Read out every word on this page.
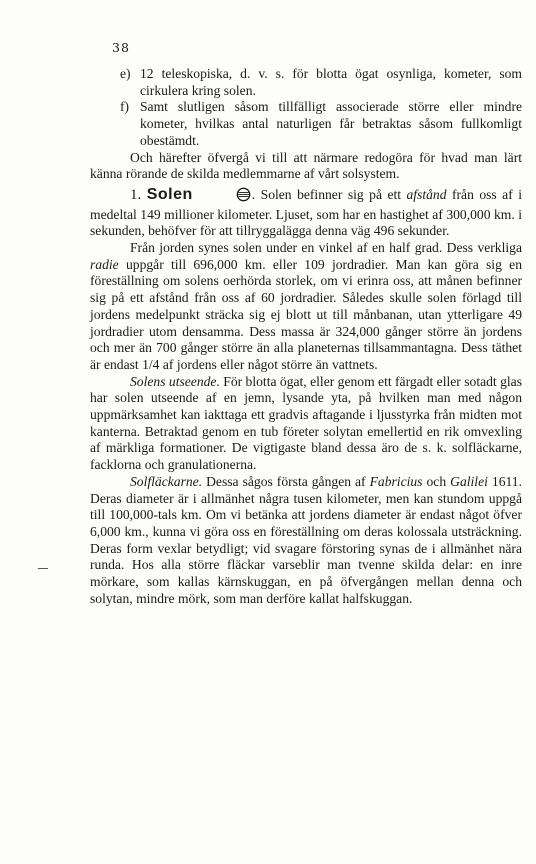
38
e) 12 teleskopiska, d. v. s. för blotta ögat osynliga, kometer, som cirkulera kring solen.
f) Samt slutligen såsom tillfälligt associerade större eller mindre kometer, hvilkas antal naturligen får betraktas såsom fullkomligt obestämdt.

Och härefter öfvergå vi till att närmare redogöra för hvad man lärt känna rörande de skilda medlemmarne af vårt solsystem.

1. Solen	. Solen befinner sig på ett afstånd från oss af i medeltal 149 millioner kilometer. Ljuset, som har en hastighet af 300,000 km. i sekunden, behöfver för att tillryggalägga denna väg 496 sekunder.

Från jorden synes solen under en vinkel af en half grad. Dess verkliga radie uppgår till 696,000 km. eller 109 jordradier. Man kan göra sig en föreställning om solens oerhörda storlek, om vi erinra oss, att månen befinner sig på ett afstånd från oss af 60 jordradier. Således skulle solen förlagd till jordens medelpunkt sträcka sig ej blott ut till månbanan, utan ytterligare 49 jordradier utom densamma. Dess massa är 324,000 gånger större än jordens och mer än 700 gånger större än alla planeternas tillsammantagna. Dess täthet är endast 1/4 af jordens eller något större än vattnets.

Solens utseende. För blotta ögat, eller genom ett färgadt eller sotadt glas har solen utseende af en jemn, lysande yta, på hvilken man med någon uppmärksamhet kan iakttaga ett gradvis aftagande i ljusstyrka från midten mot kanterna. Betraktad genom en tub företer solytan emellertid en rik omvexling af märkliga formationer. De vigtigaste bland dessa äro de s. k. solfläckarne, facklorna och granulationerna.

Solfläckarne. Dessa sågos första gången af Fabricius och Galilei 1611. Deras diameter är i allmänhet några tusen kilometer, men kan stundom uppgå till 100,000-tals km. Om vi betänka att jordens diameter är endast något öfver 6,000 km., kunna vi göra oss en föreställning om deras kolossala utsträckning. Deras form vexlar betydligt; vid svagare förstoring synas de i allmänhet nära runda. Hos alla större fläckar varseblir man tvenne skilda delar: en inre mörkare, som kallas kärnskuggan, en på öfvergången mellan denna och solytan, mindre mörk, som man derföre kallat halfskuggan.
